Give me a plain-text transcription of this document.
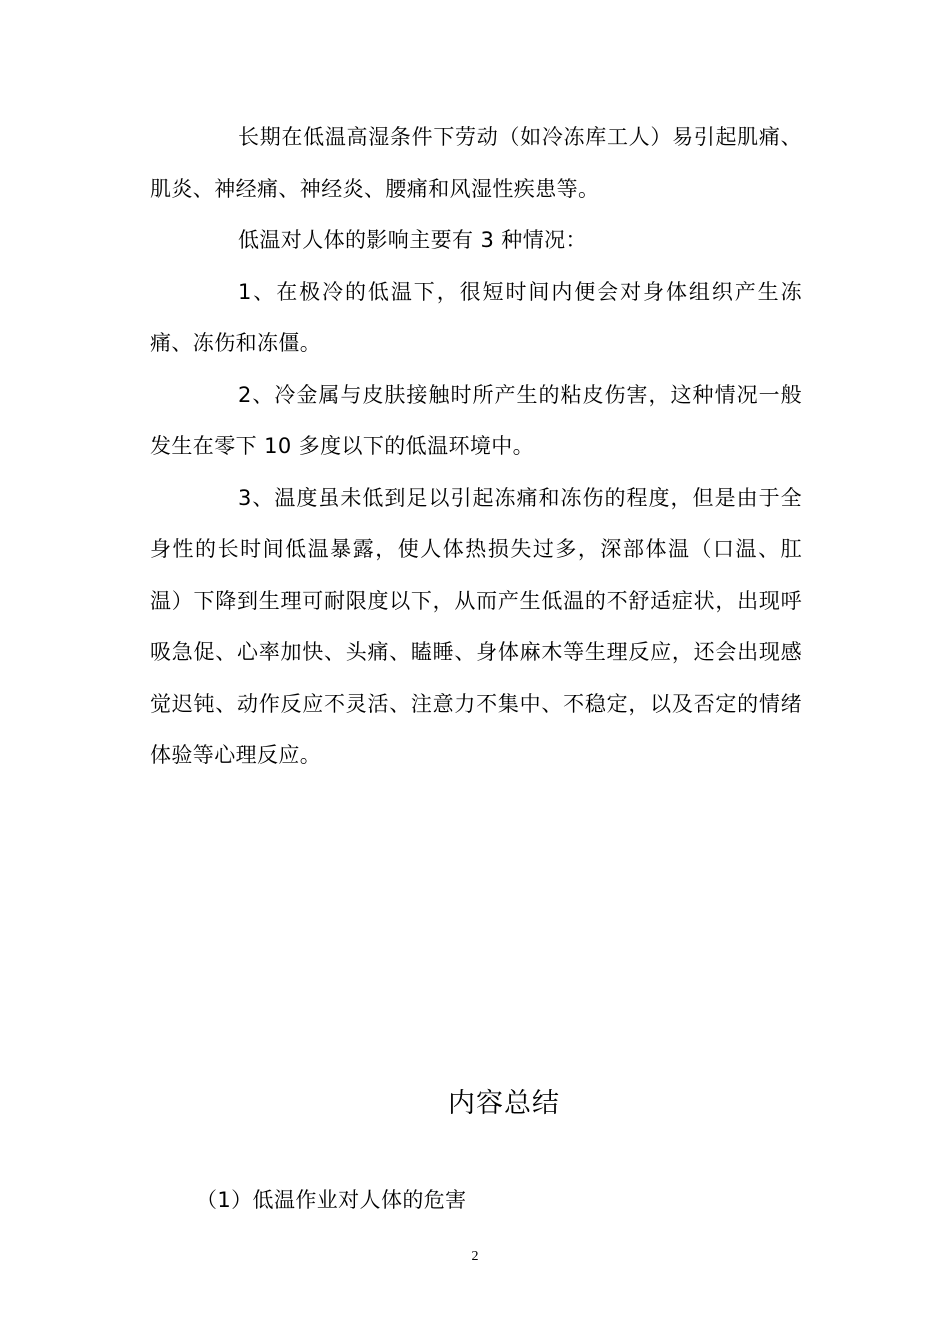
长期在低温高湿条件下劳动（如冷冻库工人）易引起肌痛、肌炎、神经痛、神经炎、腰痛和风湿性疾患等。

低温对人体的影响主要有 3 种情况：

1、在极冷的低温下，很短时间内便会对身体组织产生冻痛、冻伤和冻僵。

2、冷金属与皮肤接触时所产生的粘皮伤害，这种情况一般发生在零下 10 多度以下的低温环境中。

3、温度虽未低到足以引起冻痛和冻伤的程度，但是由于全身性的长时间低温暴露，使人体热损失过多，深部体温（口温、肛温）下降到生理可耐限度以下，从而产生低温的不舒适症状，出现呼吸急促、心率加快、头痛、瞌睡、身体麻木等生理反应，还会出现感觉迟钝、动作反应不灵活、注意力不集中、不稳定，以及否定的情绪体验等心理反应。

内容总结
（1）低温作业对人体的危害
2
